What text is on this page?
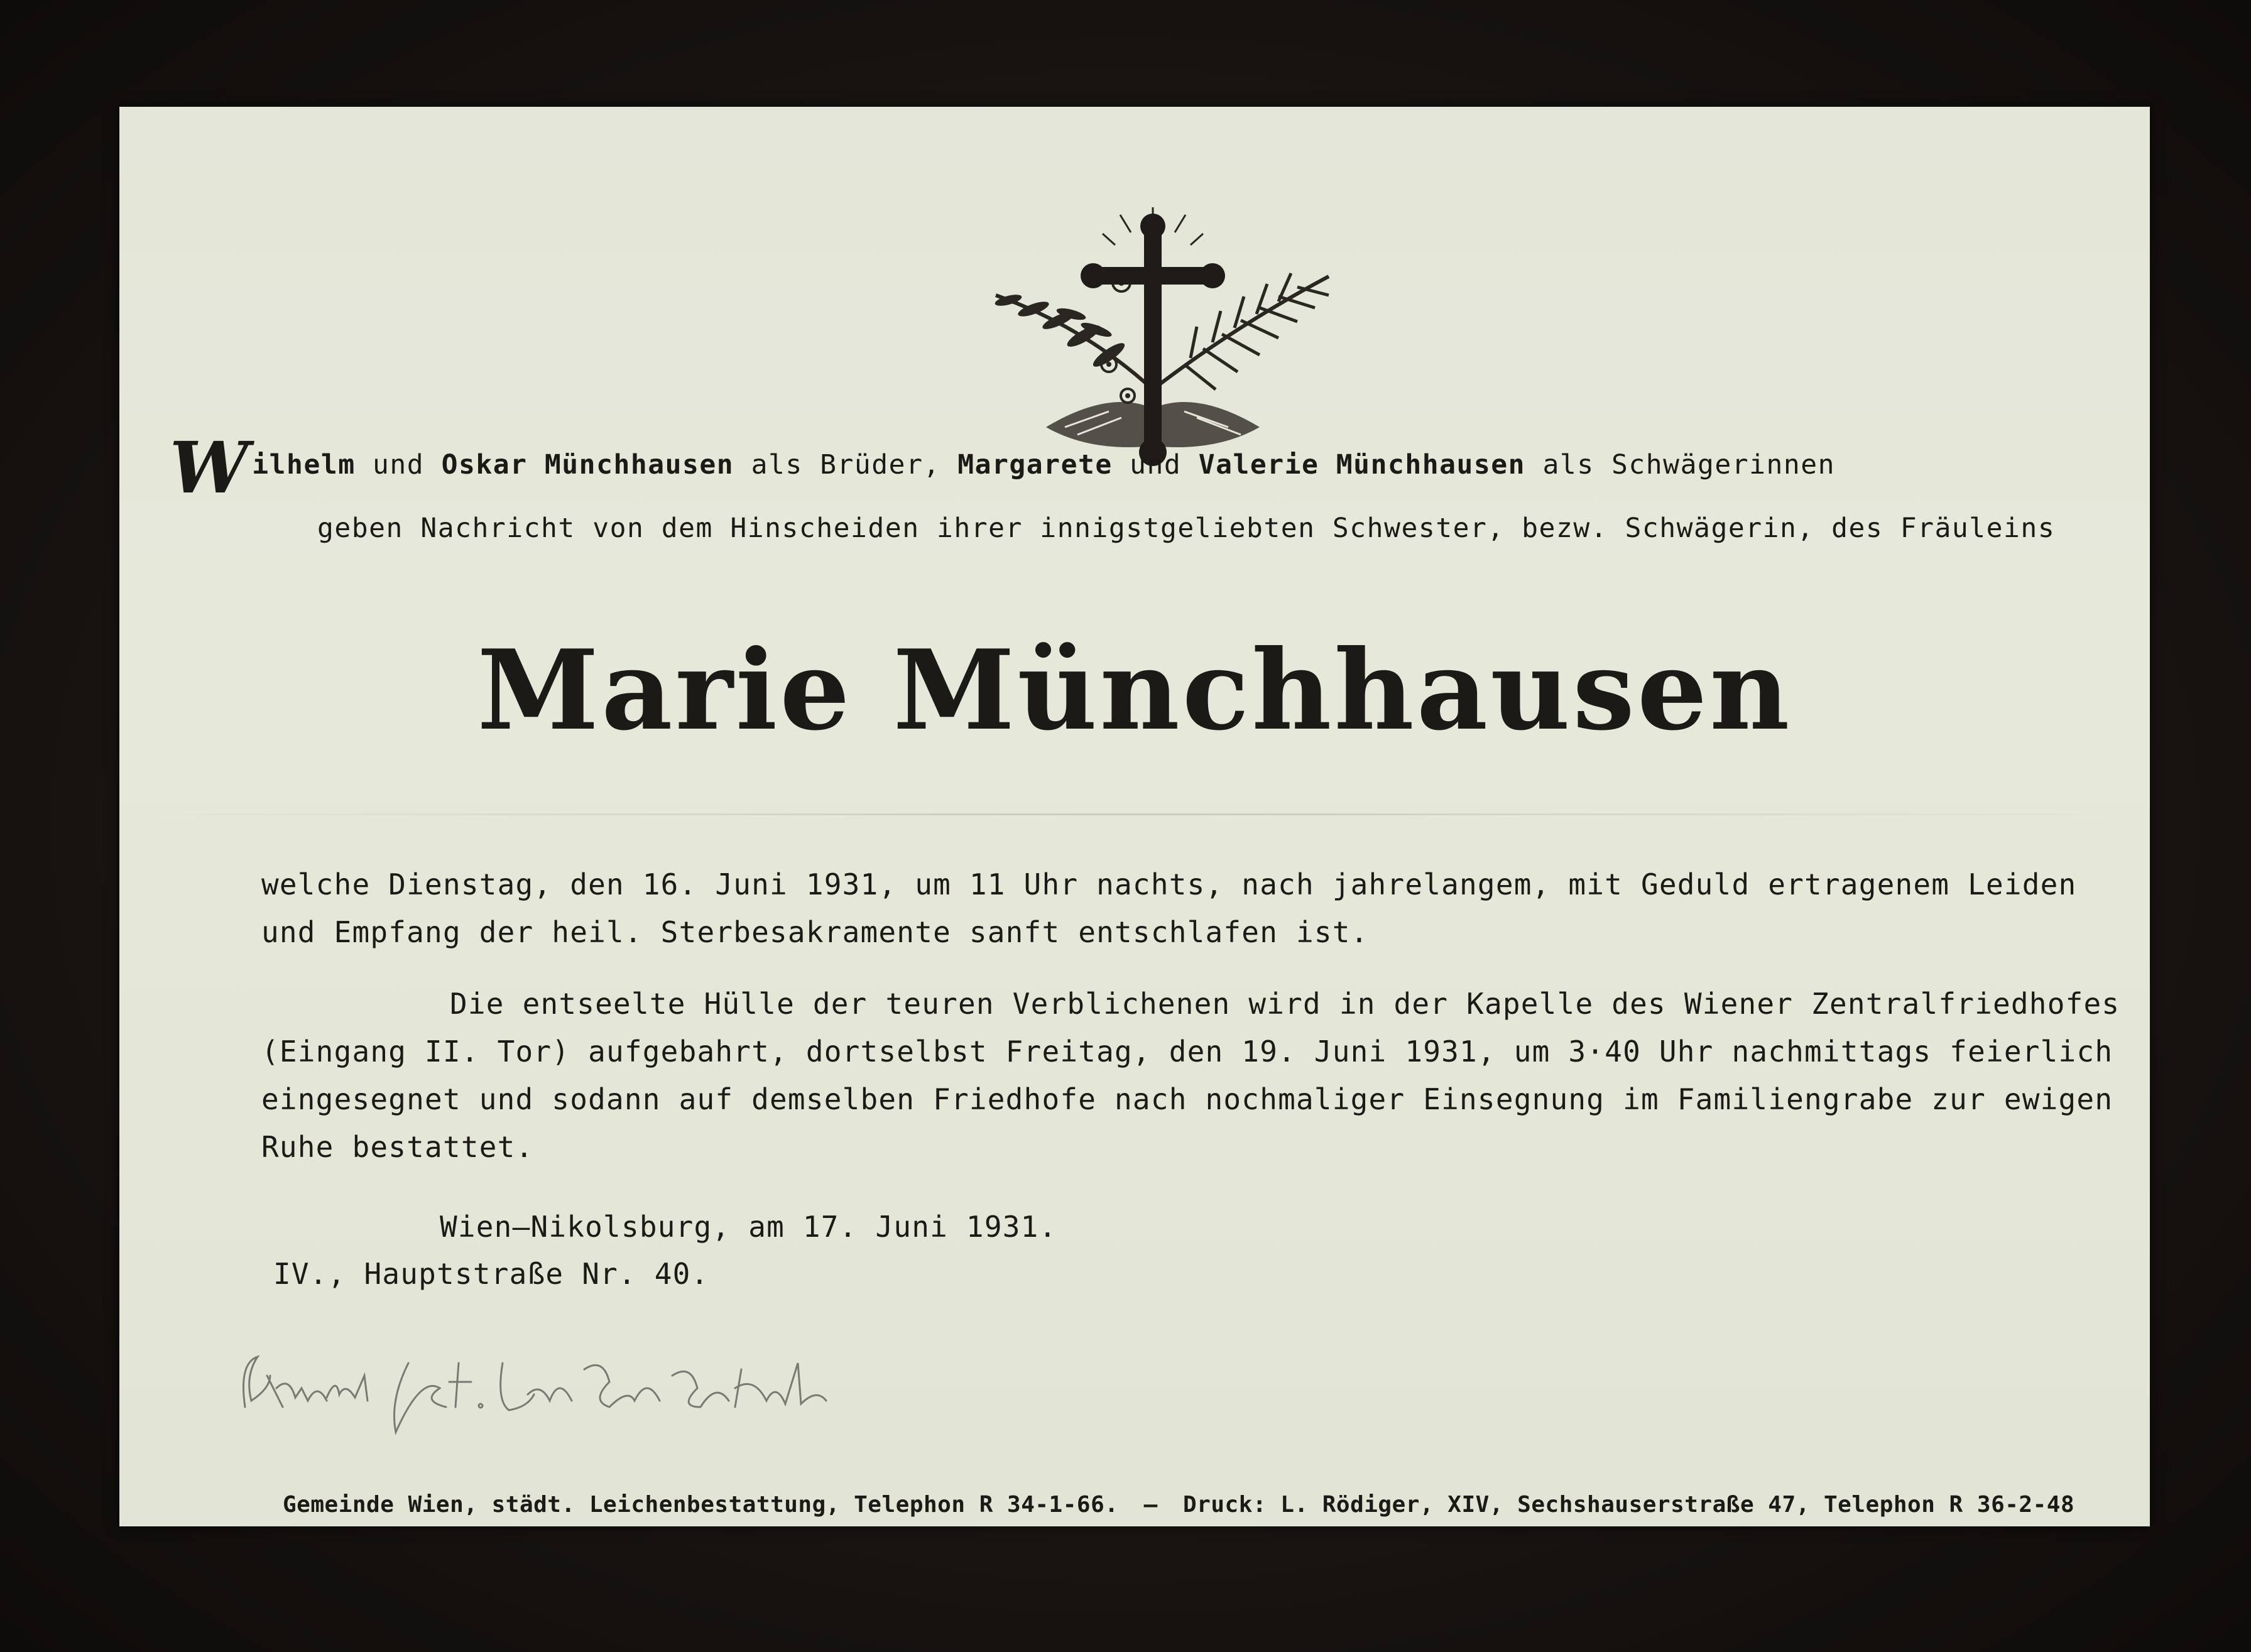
Wilhelm und Oskar Münchhausen als Brüder, Margarete und Valerie Münchhausen als Schwägerinnen
geben Nachricht von dem Hinscheiden ihrer innigstgeliebten Schwester, bezw. Schwägerin, des Fräuleins
Marie Münchhausen
welche Dienstag, den 16. Juni 1931, um 11 Uhr nachts, nach jahrelangem, mit Geduld ertragenem Leiden
und Empfang der heil. Sterbesakramente sanft entschlafen ist.
Die entseelte Hülle der teuren Verblichenen wird in der Kapelle des Wiener Zentralfriedhofes
(Eingang II. Tor) aufgebahrt, dortselbst Freitag, den 19. Juni 1931, um 3·40 Uhr nachmittags feierlich
eingesegnet und sodann auf demselben Friedhofe nach nochmaliger Einsegnung im Familiengrabe zur ewigen
Ruhe bestattet.
Wien—Nikolsburg, am 17. Juni 1931.
IV., Hauptstraße Nr. 40.
Gemeinde Wien, städt. Leichenbestattung, Telephon R 34-1-66. — Druck: L. Rödiger, XIV, Sechshauserstraße 47, Telephon R 36-2-48
